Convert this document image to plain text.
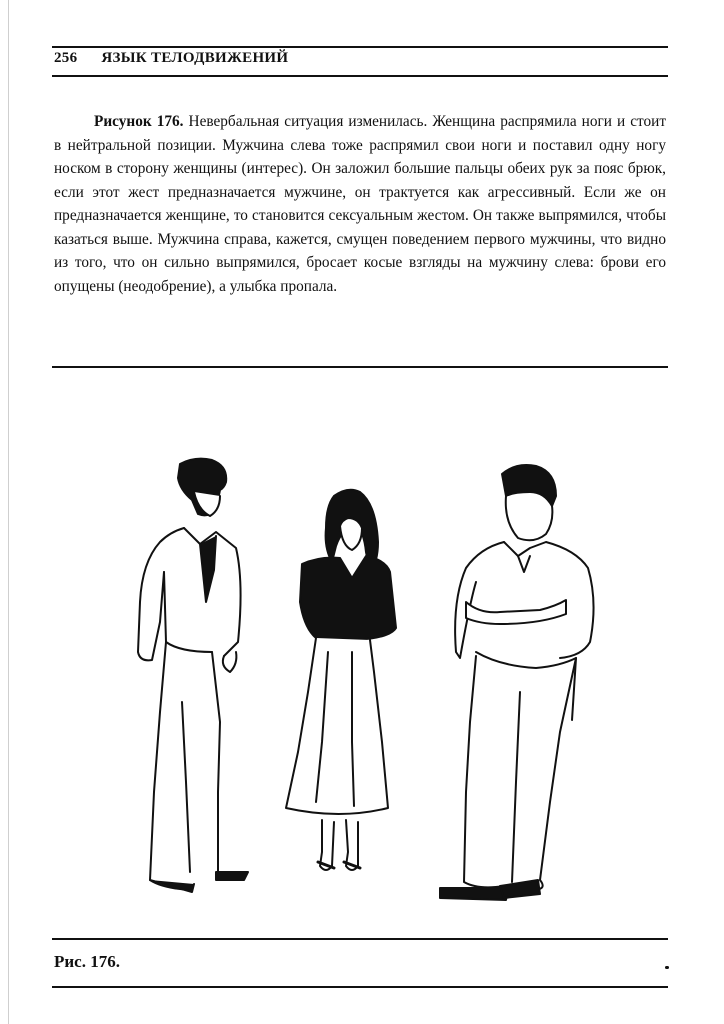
256 ЯЗЫК ТЕЛОДВИЖЕНИЙ
Рисунок 176. Невербальная ситуация изменилась. Женщина распрямила ноги и стоит в нейтральной позиции. Мужчина слева тоже распрямил свои ноги и поставил одну ногу носком в сторону женщины (интерес). Он заложил большие пальцы обеих рук за пояс брюк, если этот жест предназначается мужчине, он трактуется как агрессивный. Если же он предназначается женщине, то становится сексуальным жестом. Он также выпрямился, чтобы казаться выше. Мужчина справа, кажется, смущен поведением первого мужчины, что видно из того, что он сильно выпрямился, бросает косые взгляды на мужчину слева: брови его опущены (неодобрение), а улыбка пропала.
Рис. 176.
